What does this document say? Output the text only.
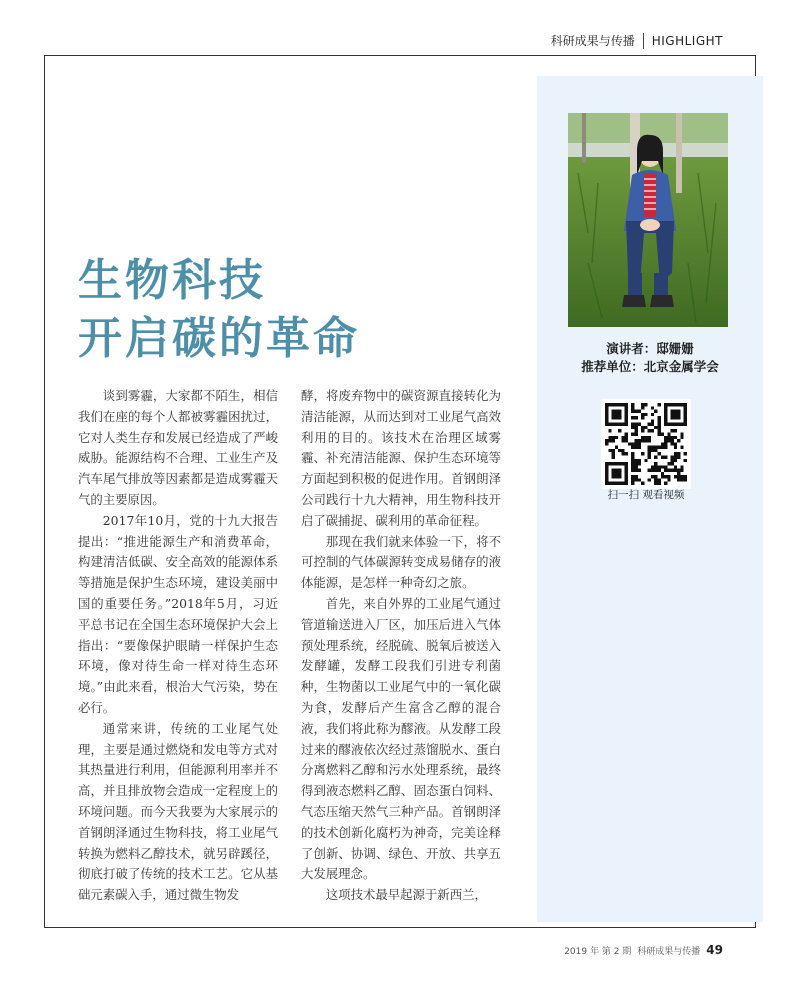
科研成果与传播 HIGHLIGHT
演讲者：邸姗姗
推荐单位：北京金属学会
扫一扫 观看视频
生物科技
开启碳的革命

谈到雾霾，大家都不陌生，相信我们在座的每个人都被雾霾困扰过，它对人类生存和发展已经造成了严峻威胁。能源结构不合理、工业生产及汽车尾气排放等因素都是造成雾霾天气的主要原因。

2017年10月，党的十九大报告提出：“推进能源生产和消费革命，构建清洁低碳、安全高效的能源体系等措施是保护生态环境，建设美丽中国的重要任务。”2018年5月，习近平总书记在全国生态环境保护大会上指出：“要像保护眼睛一样保护生态环境，像对待生命一样对待生态环境。”由此来看，根治大气污染，势在必行。

通常来讲，传统的工业尾气处理，主要是通过燃烧和发电等方式对其热量进行利用，但能源利用率并不高，并且排放物会造成一定程度上的环境问题。而今天我要为大家展示的首钢朗泽通过生物科技，将工业尾气转换为燃料乙醇技术，就另辟蹊径，彻底打破了传统的技术工艺。它从基础元素碳入手，通过微生物发

酵，将废弃物中的碳资源直接转化为清洁能源，从而达到对工业尾气高效利用的目的。该技术在治理区域雾霾、补充清洁能源、保护生态环境等方面起到积极的促进作用。首钢朗泽公司践行十九大精神，用生物科技开启了碳捕捉、碳利用的革命征程。

那现在我们就来体验一下，将不可控制的气体碳源转变成易储存的液体能源，是怎样一种奇幻之旅。

首先，来自外界的工业尾气通过管道输送进入厂区，加压后进入气体预处理系统，经脱硫、脱氧后被送入发酵罐，发酵工段我们引进专利菌种，生物菌以工业尾气中的一氧化碳为食，发酵后产生富含乙醇的混合液，我们将此称为醪液。从发酵工段过来的醪液依次经过蒸馏脱水、蛋白分离燃料乙醇和污水处理系统，最终得到液态燃料乙醇、固态蛋白饲料、气态压缩天然气三种产品。首钢朗泽的技术创新化腐朽为神奇，完美诠释了创新、协调、绿色、开放、共享五大发展理念。

这项技术最早起源于新西兰，

2019 年 第 2 期 科研成果与传播 49
